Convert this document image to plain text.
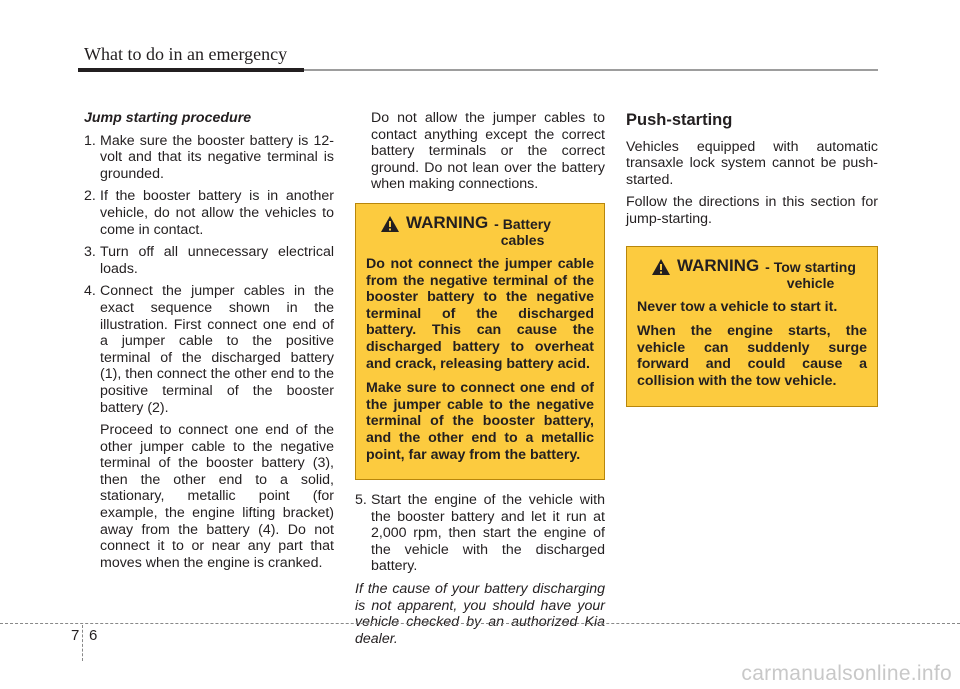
What to do in an emergency
Jump starting procedure
1. Make sure the booster battery is 12-volt and that its negative terminal is grounded.
2. If the booster battery is in another vehicle, do not allow the vehicles to come in contact.
3. Turn off all unnecessary electrical loads.
4. Connect the jumper cables in the exact sequence shown in the illustration. First connect one end of a jumper cable to the positive terminal of the discharged battery (1), then connect the other end to the positive terminal of the booster battery (2).

Proceed to connect one end of the other jumper cable to the negative terminal of the booster battery (3), then the other end to a solid, stationary, metallic point (for example, the engine lifting bracket) away from the battery (4). Do not connect it to or near any part that moves when the engine is cranked.

Do not allow the jumper cables to contact anything except the correct battery terminals or the correct ground. Do not lean over the battery when making connections.

WARNING - Battery
cables

Do not connect the jumper cable from the negative terminal of the booster battery to the negative terminal of the discharged battery. This can cause the discharged battery to overheat and crack, releasing battery acid.

Make sure to connect one end of the jumper cable to the negative terminal of the booster battery, and the other end to a metallic point, far away from the battery.

5. Start the engine of the vehicle with the booster battery and let it run at 2,000 rpm, then start the engine of the vehicle with the discharged battery.

If the cause of your battery discharging is not apparent, you should have your vehicle checked by an authorized Kia dealer.

Push-starting

Vehicles equipped with automatic transaxle lock system cannot be push-started.

Follow the directions in this section for jump-starting.

WARNING - Tow starting
vehicle

Never tow a vehicle to start it.

When the engine starts, the vehicle can suddenly surge forward and could cause a collision with the tow vehicle.

7 6
carmanualsonline.info
